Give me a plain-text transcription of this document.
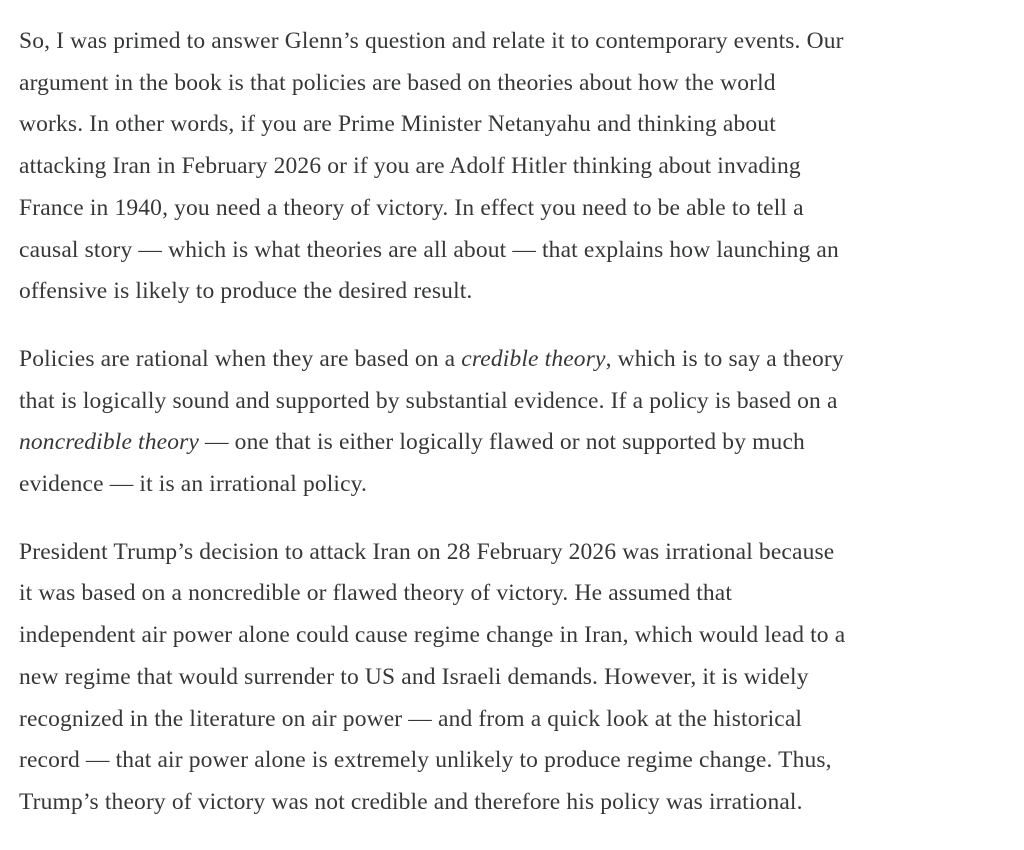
So, I was primed to answer Glenn’s question and relate it to contemporary events. Our
argument in the book is that policies are based on theories about how the world
works. In other words, if you are Prime Minister Netanyahu and thinking about
attacking Iran in February 2026 or if you are Adolf Hitler thinking about invading
France in 1940, you need a theory of victory. In effect you need to be able to tell a
causal story — which is what theories are all about — that explains how launching an
offensive is likely to produce the desired result.

Policies are rational when they are based on a credible theory, which is to say a theory
that is logically sound and supported by substantial evidence. If a policy is based on a
noncredible theory — one that is either logically flawed or not supported by much
evidence — it is an irrational policy.

President Trump’s decision to attack Iran on 28 February 2026 was irrational because
it was based on a noncredible or flawed theory of victory. He assumed that
independent air power alone could cause regime change in Iran, which would lead to a
new regime that would surrender to US and Israeli demands. However, it is widely
recognized in the literature on air power — and from a quick look at the historical
record — that air power alone is extremely unlikely to produce regime change. Thus,
Trump’s theory of victory was not credible and therefore his policy was irrational.
